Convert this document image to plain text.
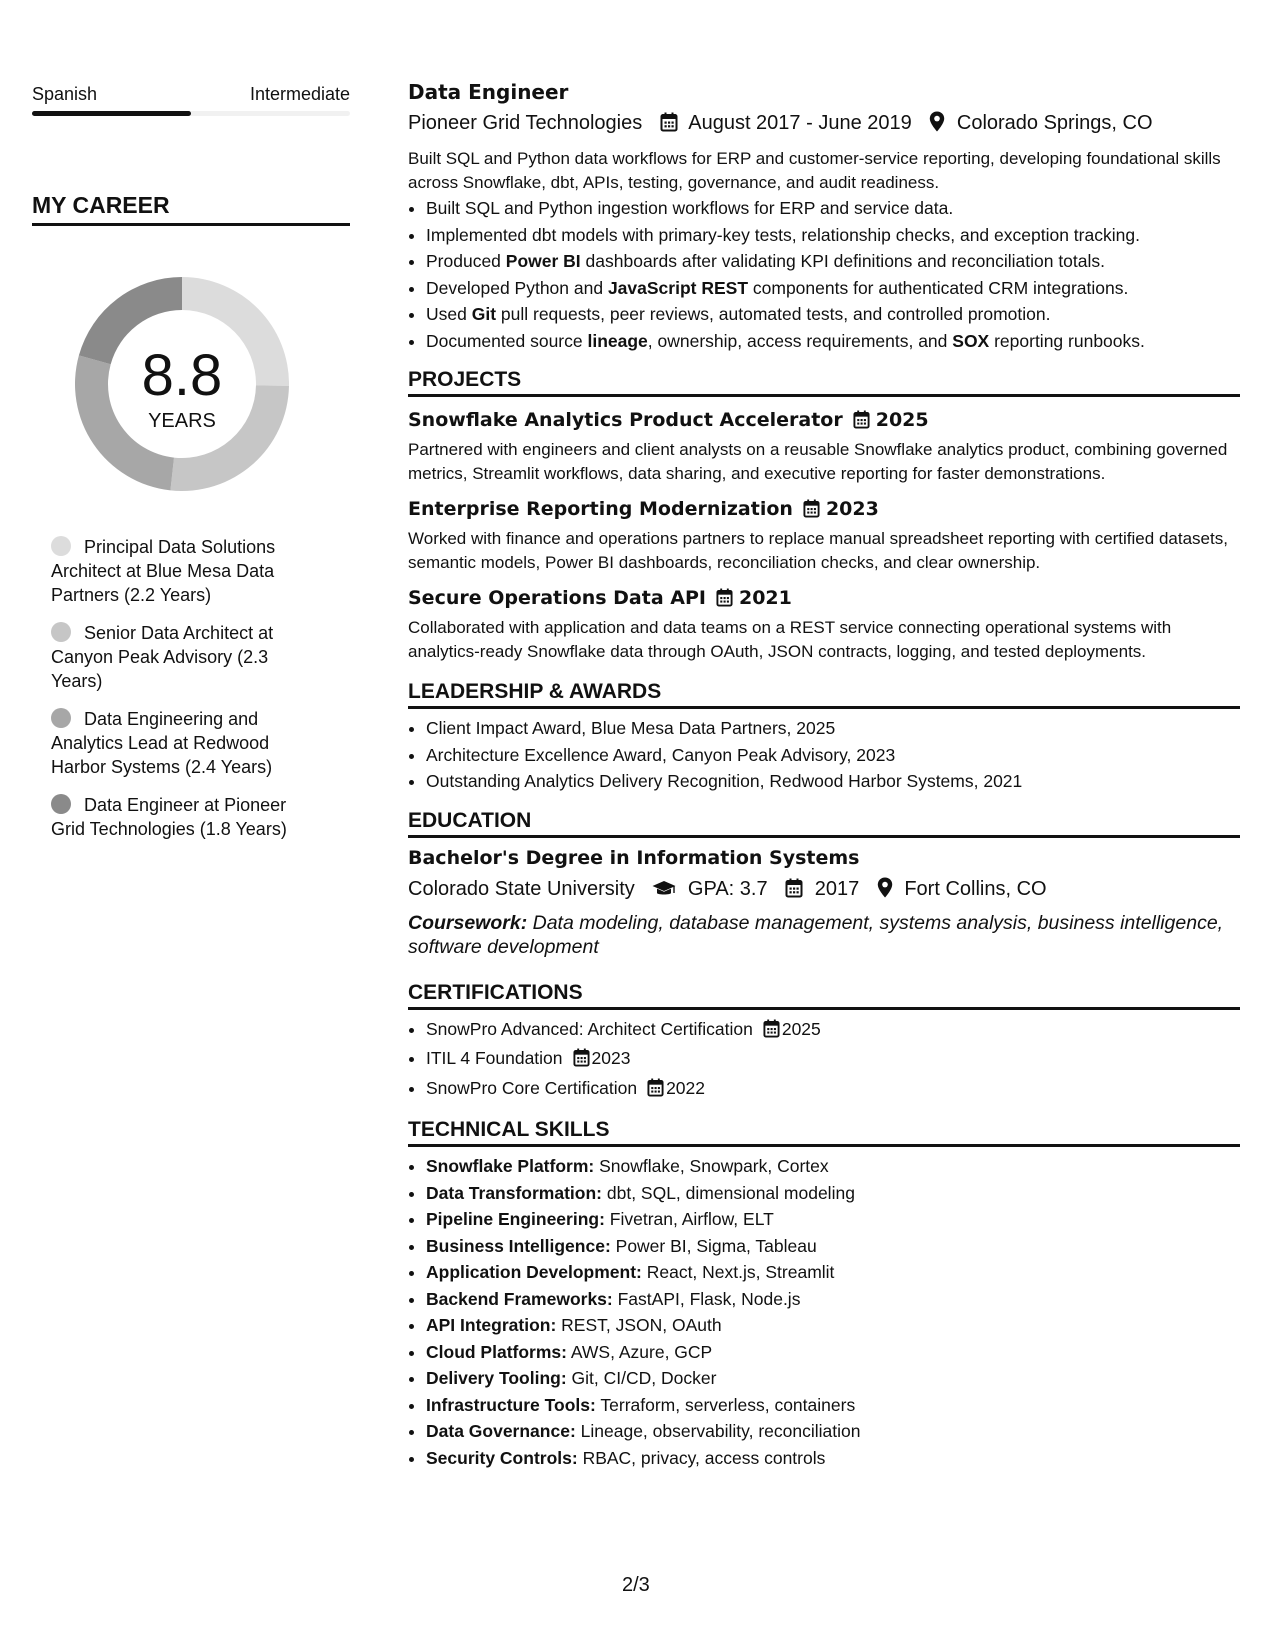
Spanish	Intermediate
MY CAREER
8.8
YEARS
Principal Data Solutions Architect at Blue Mesa Data Partners (2.2 Years)
Senior Data Architect at Canyon Peak Advisory (2.3 Years)
Data Engineering and Analytics Lead at Redwood Harbor Systems (2.4 Years)
Data Engineer at Pioneer Grid Technologies (1.8 Years)
Data Engineer
Pioneer Grid Technologies August 2017 - June 2019 Colorado Springs, CO
Built SQL and Python data workflows for ERP and customer-service reporting, developing foundational skills across Snowflake, dbt, APIs, testing, governance, and audit readiness.
• Built SQL and Python ingestion workflows for ERP and service data.
• Implemented dbt models with primary-key tests, relationship checks, and exception tracking.
• Produced Power BI dashboards after validating KPI definitions and reconciliation totals.
• Developed Python and JavaScript REST components for authenticated CRM integrations.
• Used Git pull requests, peer reviews, automated tests, and controlled promotion.
• Documented source lineage, ownership, access requirements, and SOX reporting runbooks.
PROJECTS
Snowflake Analytics Product Accelerator 2025
Partnered with engineers and client analysts on a reusable Snowflake analytics product, combining governed metrics, Streamlit workflows, data sharing, and executive reporting for faster demonstrations.
Enterprise Reporting Modernization 2023
Worked with finance and operations partners to replace manual spreadsheet reporting with certified datasets, semantic models, Power BI dashboards, reconciliation checks, and clear ownership.
Secure Operations Data API 2021
Collaborated with application and data teams on a REST service connecting operational systems with analytics-ready Snowflake data through OAuth, JSON contracts, logging, and tested deployments.
LEADERSHIP & AWARDS
• Client Impact Award, Blue Mesa Data Partners, 2025
• Architecture Excellence Award, Canyon Peak Advisory, 2023
• Outstanding Analytics Delivery Recognition, Redwood Harbor Systems, 2021
EDUCATION
Bachelor's Degree in Information Systems
Colorado State University	GPA: 3.7 2017 Fort Collins, CO
Coursework: Data modeling, database management, systems analysis, business intelligence, software development
CERTIFICATIONS
• SnowPro Advanced: Architect Certification 2025
• ITIL 4 Foundation 2023
• SnowPro Core Certification 2022
TECHNICAL SKILLS
• Snowflake Platform: Snowflake, Snowpark, Cortex
• Data Transformation: dbt, SQL, dimensional modeling
• Pipeline Engineering: Fivetran, Airflow, ELT
• Business Intelligence: Power BI, Sigma, Tableau
• Application Development: React, Next.js, Streamlit
• Backend Frameworks: FastAPI, Flask, Node.js
• API Integration: REST, JSON, OAuth
• Cloud Platforms: AWS, Azure, GCP
• Delivery Tooling: Git, CI/CD, Docker
• Infrastructure Tools: Terraform, serverless, containers
• Data Governance: Lineage, observability, reconciliation
• Security Controls: RBAC, privacy, access controls
2/3
